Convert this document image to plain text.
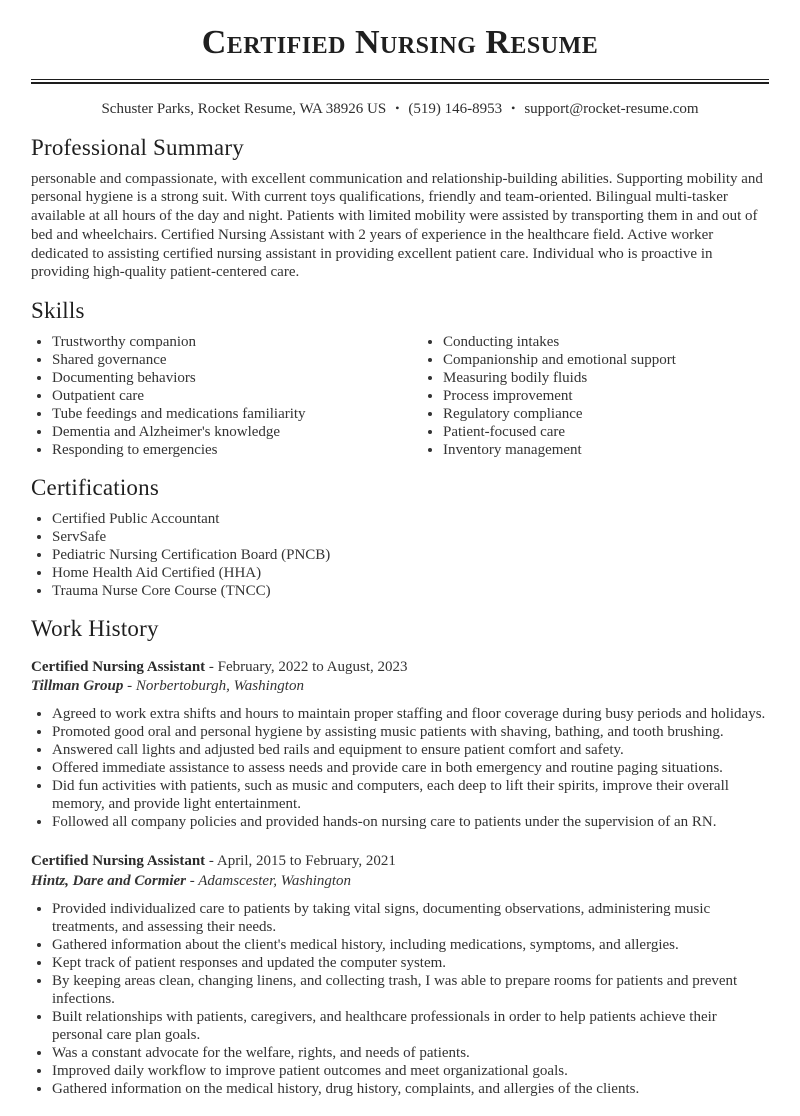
Certified Nursing Resume
Schuster Parks, Rocket Resume, WA 38926 US • (519) 146-8953 • support@rocket-resume.com
Professional Summary

personable and compassionate, with excellent communication and relationship-building abilities. Supporting mobility and personal hygiene is a strong suit. With current toys qualifications, friendly and team-oriented. Bilingual multi-tasker available at all hours of the day and night. Patients with limited mobility were assisted by transporting them in and out of bed and wheelchairs. Certified Nursing Assistant with 2 years of experience in the healthcare field. Active worker dedicated to assisting certified nursing assistant in providing excellent patient care. Individual who is proactive in providing high-quality patient-centered care.

Skills
• Trustworthy companion
• Shared governance
• Documenting behaviors
• Outpatient care
• Tube feedings and medications familiarity
• Dementia and Alzheimer's knowledge
• Responding to emergencies
• Conducting intakes
• Companionship and emotional support
• Measuring bodily fluids
• Process improvement
• Regulatory compliance
• Patient-focused care
• Inventory management
Certifications
• Certified Public Accountant
• ServSafe
• Pediatric Nursing Certification Board (PNCB)
• Home Health Aid Certified (HHA)
• Trauma Nurse Core Course (TNCC)
Work History
Certified Nursing Assistant - February, 2022 to August, 2023
Tillman Group - Norbertoburgh, Washington
• Agreed to work extra shifts and hours to maintain proper staffing and floor coverage during busy periods and holidays.
• Promoted good oral and personal hygiene by assisting music patients with shaving, bathing, and tooth brushing.
• Answered call lights and adjusted bed rails and equipment to ensure patient comfort and safety.
• Offered immediate assistance to assess needs and provide care in both emergency and routine paging situations.
• Did fun activities with patients, such as music and computers, each deep to lift their spirits, improve their overall memory, and provide light entertainment.
• Followed all company policies and provided hands-on nursing care to patients under the supervision of an RN.
Certified Nursing Assistant - April, 2015 to February, 2021
Hintz, Dare and Cormier - Adamscester, Washington
• Provided individualized care to patients by taking vital signs, documenting observations, administering music treatments, and assessing their needs.
• Gathered information about the client's medical history, including medications, symptoms, and allergies.
• Kept track of patient responses and updated the computer system.
• By keeping areas clean, changing linens, and collecting trash, I was able to prepare rooms for patients and prevent infections.
• Built relationships with patients, caregivers, and healthcare professionals in order to help patients achieve their personal care plan goals.
• Was a constant advocate for the welfare, rights, and needs of patients.
• Improved daily workflow to improve patient outcomes and meet organizational goals.
• Gathered information on the medical history, drug history, complaints, and allergies of the clients.
